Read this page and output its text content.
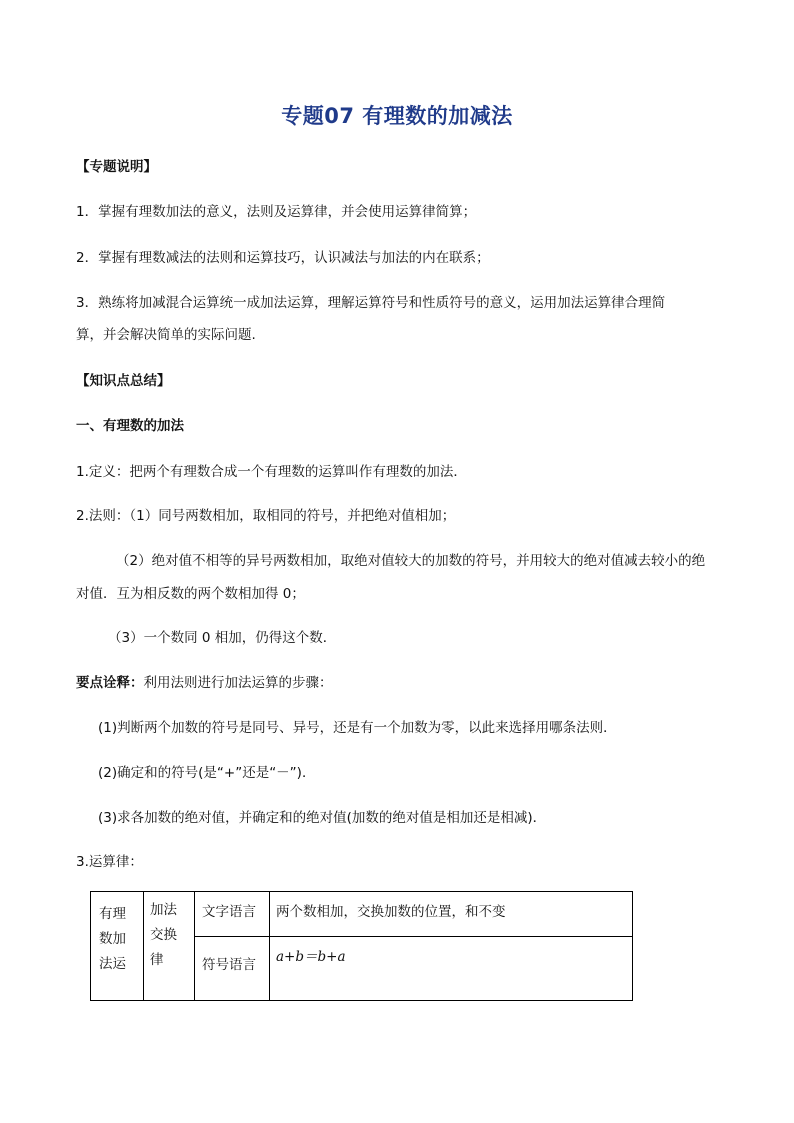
专题07 有理数的加减法
【专题说明】
1．掌握有理数加法的意义，法则及运算律，并会使用运算律简算；
2．掌握有理数减法的法则和运算技巧，认识减法与加法的内在联系；
3．熟练将加减混合运算统一成加法运算，理解运算符号和性质符号的意义，运用加法运算律合理简
算，并会解决简单的实际问题.
【知识点总结】
一、有理数的加法
1.定义：把两个有理数合成一个有理数的运算叫作有理数的加法．
2.法则：（1）同号两数相加，取相同的符号，并把绝对值相加；
（2）绝对值不相等的异号两数相加，取绝对值较大的加数的符号，并用较大的绝对值减去较小的绝
对值．互为相反数的两个数相加得 0；
（3）一个数同 0 相加，仍得这个数．
要点诠释：利用法则进行加法运算的步骤：
(1)判断两个加数的符号是同号、异号，还是有一个加数为零，以此来选择用哪条法则．
(2)确定和的符号(是“+”还是“－”)．
(3)求各加数的绝对值，并确定和的绝对值(加数的绝对值是相加还是相减)．
3.运算律：
有理数加法运	加法交换律	文字语言	两个数相加，交换加数的位置，和不变

		符号语言	a+b＝b+a
